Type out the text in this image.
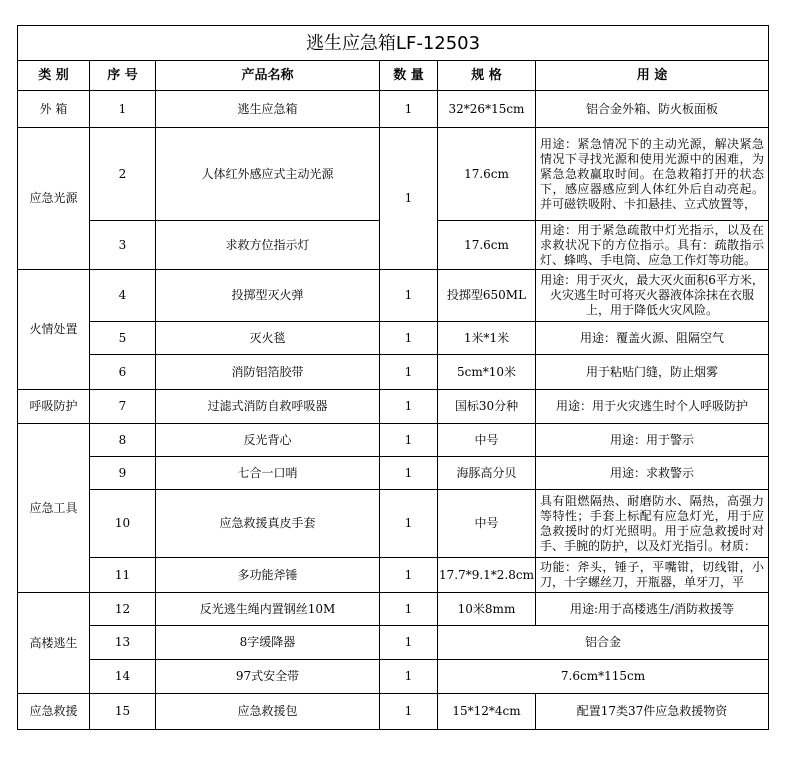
逃生应急箱LF-12503					
类 别	序 号	产品名称	数 量	规 格	用 途
外 箱	1	逃生应急箱	1	32*26*15cm	铝合金外箱、防火板面板
应急光源	2	人体红外感应式主动光源	1	17.6cm	用途：紧急情况下的主动光源，解决紧急情况下寻找光源和使用光源中的困难，为紧急急救赢取时间。在急救箱打开的状态下，感应器感应到人体红外后自动亮起。并可磁铁吸附、卡扣悬挂、立式放置等，

	3	求救方位指示灯		17.6cm	用途：用于紧急疏散中灯光指示，以及在求救状况下的方位指示。具有：疏散指示灯、蜂鸣、手电筒、应急工作灯等功能。

火情处置	4	投掷型灭火弹	1	投掷型650ML	用途：用于灭火，最大灭火面积6平方米，火灾逃生时可将灭火器液体涂抹在衣服上，用于降低火灾风险。

	5	灭火毯	1	1米*1米	用途：覆盖火源、阻隔空气
	6	消防铝箔胶带	1	5cm*10米	用于粘贴门缝，防止烟雾
呼吸防护	7	过滤式消防自救呼吸器	1	国标30分种	用途：用于火灾逃生时个人呼吸防护
应急工具	8	反光背心	1	中号	用途：用于警示
	9	七合一口哨	1	海豚高分贝	用途：求救警示
	10	应急救援真皮手套	1	中号	具有阻燃隔热、耐磨防水、隔热，高强力等特性；手套上标配有应急灯光，用于应急救援时的灯光照明。用于应急救援时对手、手腕的防护，以及灯光指引。材质：

	11	多功能斧锤	1	17.7*9.1*2.8cm	功能：斧头，锤子，平嘴钳，切线钳，小刀，十字螺丝刀，开瓶器，单牙刀，平

高楼逃生	12	反光逃生绳内置钢丝10M	1	10米8mm	用途:用于高楼逃生/消防救援等
	13	8字缓降器	1	铝合金	
	14	97式安全带	1	7.6cm*115cm	
应急救援	15	应急救援包	1	15*12*4cm	配置17类37件应急救援物资
